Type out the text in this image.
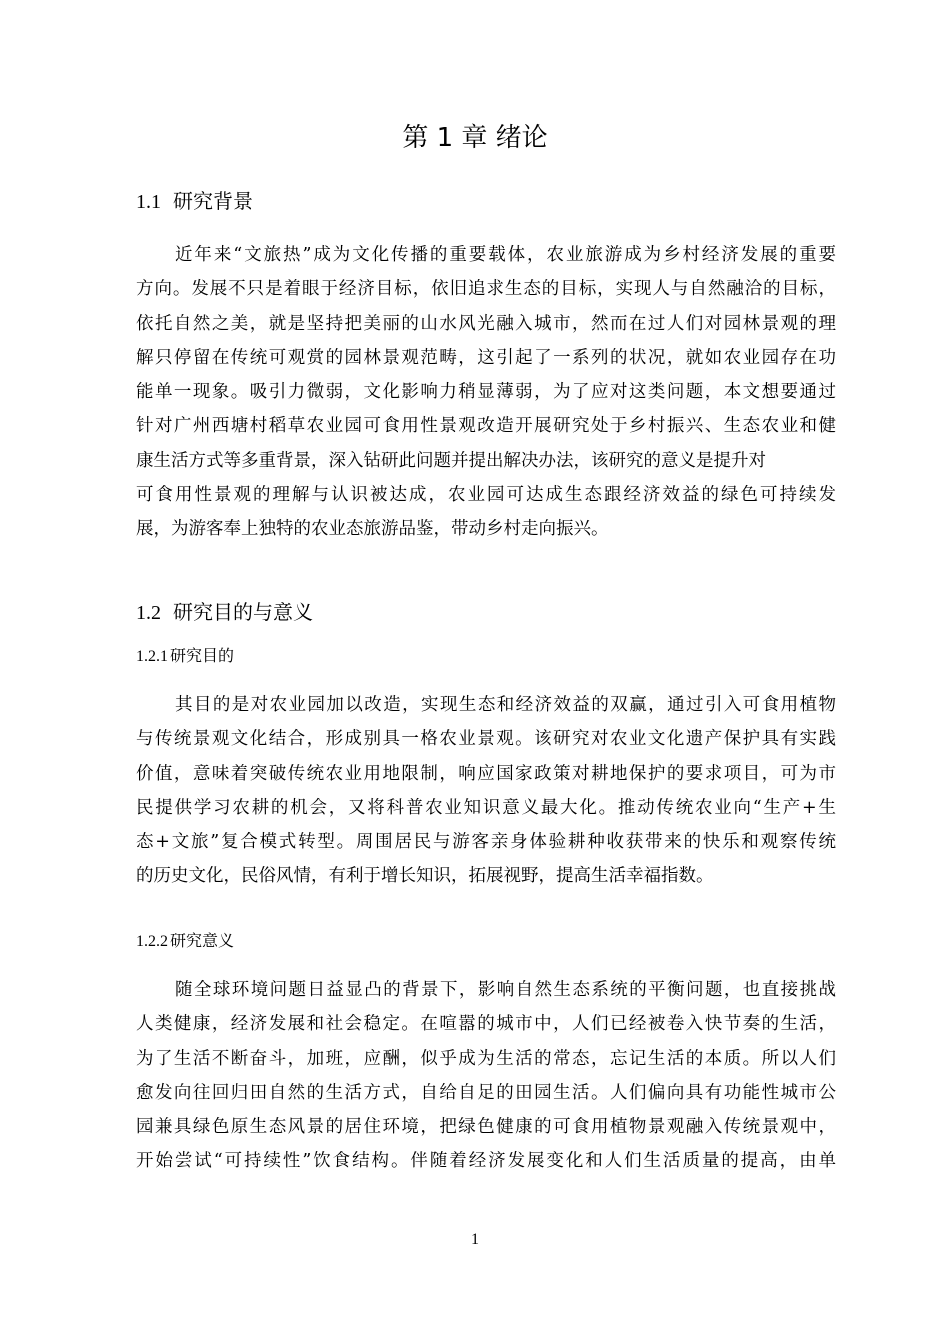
第 1 章 绪论
1.1 研究背景
近年来“文旅热”成为文化传播的重要载体，农业旅游成为乡村经济发展的重要
方向。发展不只是着眼于经济目标，依旧追求生态的目标，实现人与自然融洽的目标，
依托自然之美，就是坚持把美丽的山水风光融入城市，然而在过人们对园林景观的理
解只停留在传统可观赏的园林景观范畴，这引起了一系列的状况，就如农业园存在功
能单一现象。吸引力微弱，文化影响力稍显薄弱，为了应对这类问题，本文想要通过
针对广州西塘村稻草农业园可食用性景观改造开展研究处于乡村振兴、生态农业和健
康生活方式等多重背景，深入钻研此问题并提出解决办法，该研究的意义是提升对
可食用性景观的理解与认识被达成，农业园可达成生态跟经济效益的绿色可持续发
展，为游客奉上独特的农业态旅游品鉴，带动乡村走向振兴。
1.2 研究目的与意义
1.2.1 研究目的
其目的是对农业园加以改造，实现生态和经济效益的双赢，通过引入可食用植物
与传统景观文化结合，形成别具一格农业景观。该研究对农业文化遗产保护具有实践
价值，意味着突破传统农业用地限制，响应国家政策对耕地保护的要求项目，可为市
民提供学习农耕的机会，又将科普农业知识意义最大化。推动传统农业向“生产+生
态+文旅”复合模式转型。周围居民与游客亲身体验耕种收获带来的快乐和观察传统
的历史文化，民俗风情，有利于增长知识，拓展视野，提高生活幸福指数。
1.2.2 研究意义
随全球环境问题日益显凸的背景下，影响自然生态系统的平衡问题，也直接挑战
人类健康，经济发展和社会稳定。在喧嚣的城市中，人们已经被卷入快节奏的生活，
为了生活不断奋斗，加班，应酬，似乎成为生活的常态，忘记生活的本质。所以人们
愈发向往回归田自然的生活方式，自给自足的田园生活。人们偏向具有功能性城市公
园兼具绿色原生态风景的居住环境，把绿色健康的可食用植物景观融入传统景观中，
开始尝试“可持续性”饮食结构。伴随着经济发展变化和人们生活质量的提高，由单
1
